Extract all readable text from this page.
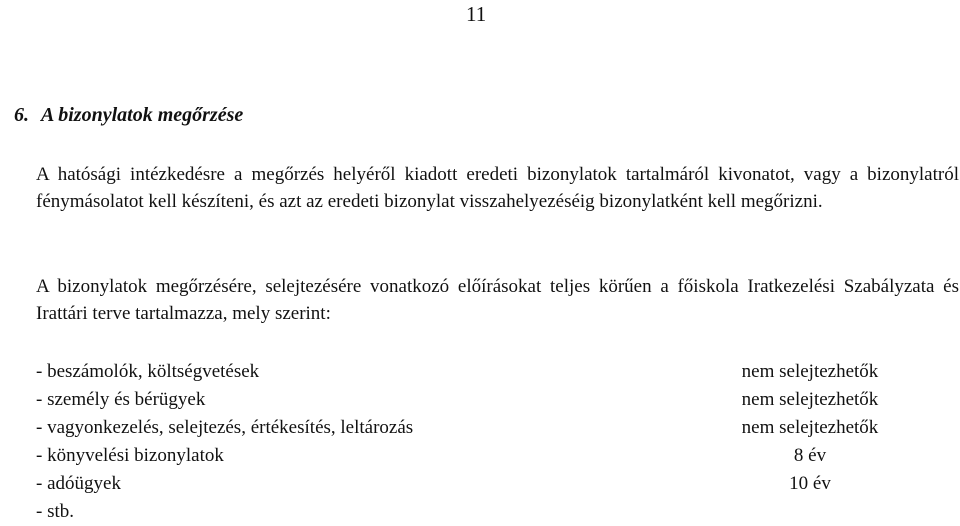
11
6. A bizonylatok megőrzése
A hatósági intézkedésre a megőrzés helyéről kiadott eredeti bizonylatok tartalmáról kivonatot, vagy a bizonylatról fénymásolatot kell készíteni, és azt az eredeti bizonylat visszahelyezéséig bizonylatként kell megőrizni.
A bizonylatok megőrzésére, selejtezésére vonatkozó előírásokat teljes körűen a főiskola Iratkezelési Szabályzata és Irattári terve tartalmazza, mely szerint:
- beszámolók, költségvetések	nem selejtezhetők
- személy és bérügyek	nem selejtezhetők
- vagyonkezelés, selejtezés, értékesítés, leltározás	nem selejtezhetők
- könyvelési bizonylatok	8 év
- adóügyek	10 év
- stb.
